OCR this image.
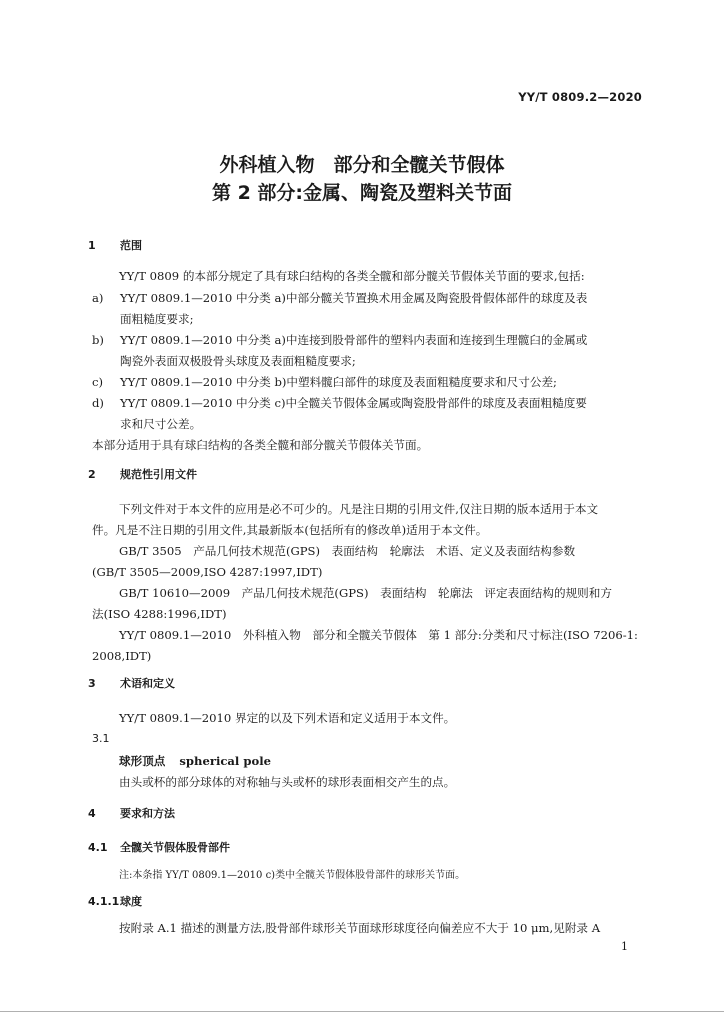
YY/T 0809.2—2020
外科植入物　部分和全髋关节假体
第 2 部分:金属、陶瓷及塑料关节面
1 范围
YY/T 0809 的本部分规定了具有球臼结构的各类全髋和部分髋关节假体关节面的要求,包括:
a) YY/T 0809.1—2010 中分类 a)中部分髋关节置换术用金属及陶瓷股骨假体部件的球度及表
面粗糙度要求;
b) YY/T 0809.1—2010 中分类 a)中连接到股骨部件的塑料内表面和连接到生理髋臼的金属或
陶瓷外表面双极股骨头球度及表面粗糙度要求;
c) YY/T 0809.1—2010 中分类 b)中塑料髋臼部件的球度及表面粗糙度要求和尺寸公差;
d) YY/T 0809.1—2010 中分类 c)中全髋关节假体金属或陶瓷股骨部件的球度及表面粗糙度要
求和尺寸公差。
本部分适用于具有球臼结构的各类全髋和部分髋关节假体关节面。
2 规范性引用文件
下列文件对于本文件的应用是必不可少的。凡是注日期的引用文件,仅注日期的版本适用于本文
件。凡是不注日期的引用文件,其最新版本(包括所有的修改单)适用于本文件。
GB/T 3505　产品几何技术规范(GPS)　表面结构　轮廓法　术语、定义及表面结构参数
(GB/T 3505—2009,ISO 4287:1997,IDT)
GB/T 10610—2009　产品几何技术规范(GPS)　表面结构　轮廓法　评定表面结构的规则和方
法(ISO 4288:1996,IDT)
YY/T 0809.1—2010　外科植入物　部分和全髋关节假体　第 1 部分:分类和尺寸标注(ISO 7206-1:
2008,IDT)
3 术语和定义
YY/T 0809.1—2010 界定的以及下列术语和定义适用于本文件。
3.1
球形顶点 spherical pole
由头或杯的部分球体的对称轴与头或杯的球形表面相交产生的点。
4 要求和方法
4.1 全髋关节假体股骨部件
注:本条指 YY/T 0809.1—2010 c)类中全髋关节假体股骨部件的球形关节面。
4.1.1球度
按附录 A.1 描述的测量方法,股骨部件球形关节面球形球度径向偏差应不大于 10 μm,见附录 A
1
